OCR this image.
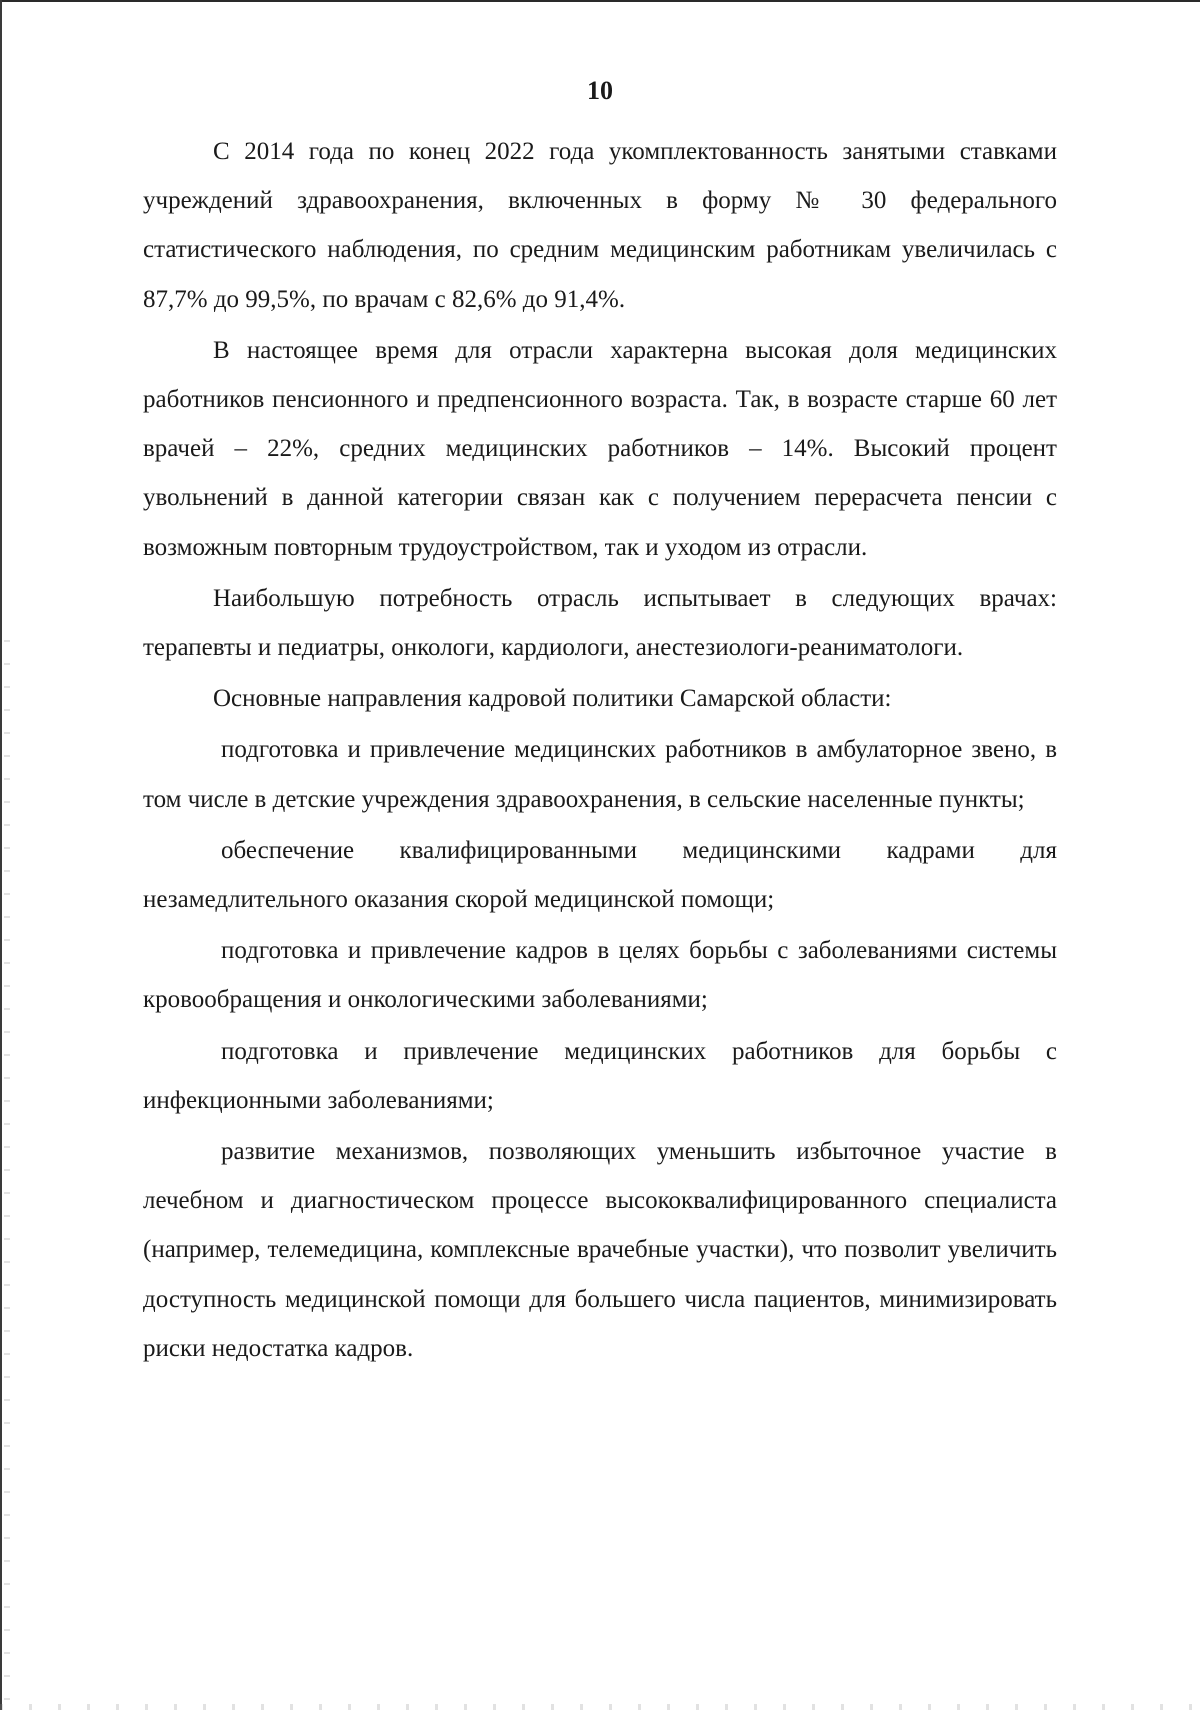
10

С 2014 года по конец 2022 года укомплектованность занятыми ставками учреждений здравоохранения, включенных в форму № 30 федерального статистического наблюдения, по средним медицинским работникам увеличилась с 87,7% до 99,5%, по врачам с 82,6% до 91,4%.

В настоящее время для отрасли характерна высокая доля медицинских работников пенсионного и предпенсионного возраста. Так, в возрасте старше 60 лет врачей – 22%, средних медицинских работников – 14%. Высокий процент увольнений в данной категории связан как с получением перерасчета пенсии с возможным повторным трудоустройством, так и уходом из отрасли.

Наибольшую потребность отрасль испытывает в следующих врачах: терапевты и педиатры, онкологи, кардиологи, анестезиологи-реаниматологи.

Основные направления кадровой политики Самарской области:

подготовка и привлечение медицинских работников в амбулаторное звено, в том числе в детские учреждения здравоохранения, в сельские населенные пункты;

обеспечение квалифицированными медицинскими кадрами для незамедлительного оказания скорой медицинской помощи;

подготовка и привлечение кадров в целях борьбы с заболеваниями системы кровообращения и онкологическими заболеваниями;

подготовка и привлечение медицинских работников для борьбы с инфекционными заболеваниями;

развитие механизмов, позволяющих уменьшить избыточное участие в лечебном и диагностическом процессе высококвалифицированного специалиста (например, телемедицина, комплексные врачебные участки), что позволит увеличить доступность медицинской помощи для большего числа пациентов, минимизировать риски недостатка кадров.
